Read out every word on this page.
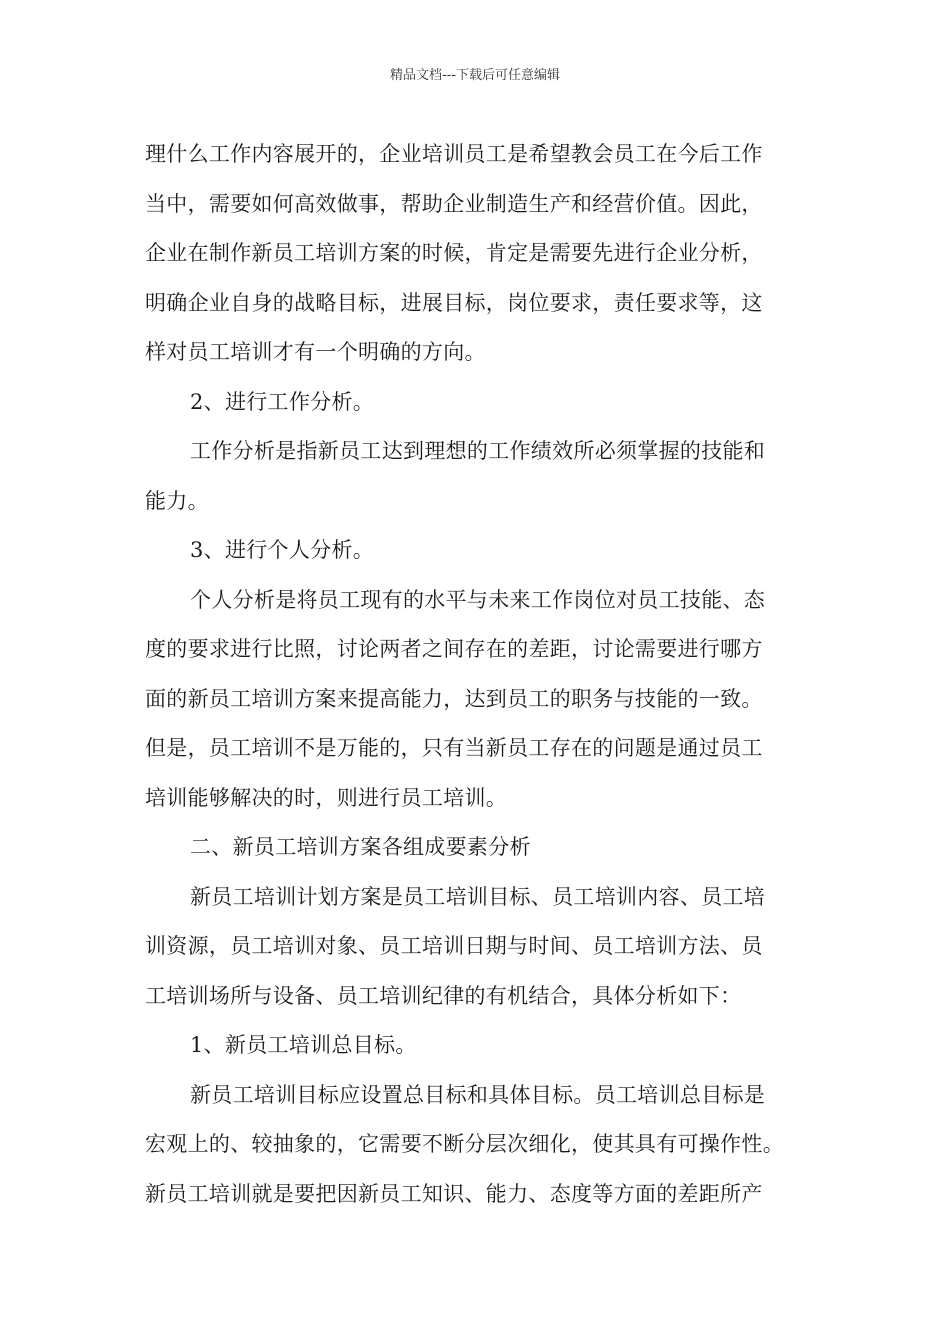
精品文档---下载后可任意编辑
理什么工作内容展开的，企业培训员工是希望教会员工在今后工作
当中，需要如何高效做事，帮助企业制造生产和经营价值。因此，
企业在制作新员工培训方案的时候，肯定是需要先进行企业分析，
明确企业自身的战略目标，进展目标，岗位要求，责任要求等，这
样对员工培训才有一个明确的方向。
2、进行工作分析。
工作分析是指新员工达到理想的工作绩效所必须掌握的技能和
能力。
3、进行个人分析。
个人分析是将员工现有的水平与未来工作岗位对员工技能、态
度的要求进行比照，讨论两者之间存在的差距，讨论需要进行哪方
面的新员工培训方案来提高能力，达到员工的职务与技能的一致。
但是，员工培训不是万能的，只有当新员工存在的问题是通过员工
培训能够解决的时，则进行员工培训。
二、新员工培训方案各组成要素分析
新员工培训计划方案是员工培训目标、员工培训内容、员工培
训资源，员工培训对象、员工培训日期与时间、员工培训方法、员
工培训场所与设备、员工培训纪律的有机结合，具体分析如下：
1、新员工培训总目标。
新员工培训目标应设置总目标和具体目标。员工培训总目标是
宏观上的、较抽象的，它需要不断分层次细化，使其具有可操作性。
新员工培训就是要把因新员工知识、能力、态度等方面的差距所产
